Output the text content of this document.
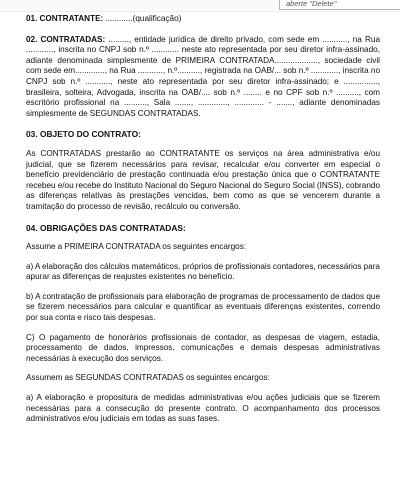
aberte "Delete"

01. CONTRATANTE: ............(qualificação)

02. CONTRATADAS: ........., entidade jurídica de direito privado, com sede em ..........., na Rua ............, inscrita no CNPJ sob n.º ............ neste ato representada por seu diretor infra-assinado, adiante denominada simplesmente de PRIMEIRA CONTRATADA..................., sociedade civil com sede em............., na Rua ..........., n.º.........., registrada na OAB/... sob n.º ............, inscrita no CNPJ sob n.º ..........., neste ato representada por seu diretor infra-assinado; e ..............., brasileira, solteira, Advogada, inscrita na OAB/.... sob n.º ........ e no CPF sob n.º .........., com escritório profissional na .........., Sala ......., ............., ............. - ......., adiante denominadas simplesmente de SEGUNDAS CONTRATADAS.

03. OBJETO DO CONTRATO:

As CONTRATADAS prestarão ao CONTRATANTE os serviços na área administrativa e/ou judicial, que se fizerem necessários para revisar, recalcular e/ou converter em especial o benefício previdenciário de prestação continuada e/ou prestação única que o CONTRATANTE recebeu e/ou recebe do Instituto Nacional do Seguro Nacional do Seguro Social (INSS), cobrando as diferenças relativas às prestações vencidas, bem como as que se vencerem durante a tramitação do processo de revisão, recálculo ou conversão.

04. OBRIGAÇÕES DAS CONTRATADAS:

Assume a PRIMEIRA CONTRATADA os seguintes encargos:

a) A elaboração dos cálculos matemáticos, próprios de profissionais contadores, necessários para apurar as diferenças de reajustes existentes no benefício.

b) A contratação de profissionais para elaboração de programas de processamento de dados que se fizerem necessários para calcular e quantificar as eventuais diferenças existentes, correndo por sua conta e risco tais despesas.

C) O pagamento de honorários profissionais de contador, as despesas de viagem, estadia, processamento de dados, impressos, comunicações e demais despesas administrativas necessárias à execução dos serviços.

Assumem as SEGUNDAS CONTRATADAS os seguintes encargos:

a) A elaboração e propositura de medidas administrativas e/ou ações judiciais que se fizerem necessárias para a consecução do presente contrato. O acompanhamento dos processos administrativos e/ou judiciais em todas as suas fases.
